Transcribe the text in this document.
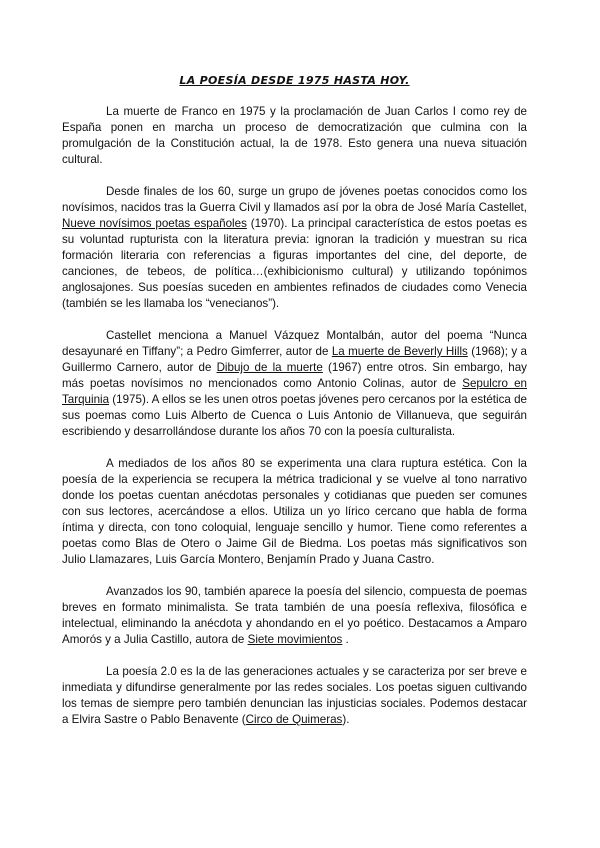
LA POESÍA DESDE 1975 HASTA HOY.

La muerte de Franco en 1975 y la proclamación de Juan Carlos I como rey de España ponen en marcha un proceso de democratización que culmina con la promulgación de la Constitución actual, la de 1978. Esto genera una nueva situación cultural.

Desde finales de los 60, surge un grupo de jóvenes poetas conocidos como los novísimos, nacidos tras la Guerra Civil y llamados así por la obra de José María Castellet, Nueve novísimos poetas españoles (1970). La principal característica de estos poetas es su voluntad rupturista con la literatura previa: ignoran la tradición y muestran su rica formación literaria con referencias a figuras importantes del cine, del deporte, de canciones, de tebeos, de política…(exhibicionismo cultural) y utilizando topónimos anglosajones. Sus poesías suceden en ambientes refinados de ciudades como Venecia (también se les llamaba los “venecianos”).

Castellet menciona a Manuel Vázquez Montalbán, autor del poema “Nunca desayunaré en Tiffany”; a Pedro Gimferrer, autor de La muerte de Beverly Hills (1968); y a Guillermo Carnero, autor de Dibujo de la muerte (1967) entre otros. Sin embargo, hay más poetas novísimos no mencionados como Antonio Colinas, autor de Sepulcro en Tarquinia (1975). A ellos se les unen otros poetas jóvenes pero cercanos por la estética de sus poemas como Luis Alberto de Cuenca o Luis Antonio de Villanueva, que seguirán escribiendo y desarrollándose durante los años 70 con la poesía culturalista.

A mediados de los años 80 se experimenta una clara ruptura estética. Con la poesía de la experiencia se recupera la métrica tradicional y se vuelve al tono narrativo donde los poetas cuentan anécdotas personales y cotidianas que pueden ser comunes con sus lectores, acercándose a ellos. Utiliza un yo lírico cercano que habla de forma íntima y directa, con tono coloquial, lenguaje sencillo y humor. Tiene como referentes a poetas como Blas de Otero o Jaime Gil de Biedma. Los poetas más significativos son Julio Llamazares, Luis García Montero, Benjamín Prado y Juana Castro.

Avanzados los 90, también aparece la poesía del silencio, compuesta de poemas breves en formato minimalista. Se trata también de una poesía reflexiva, filosófica e intelectual, eliminando la anécdota y ahondando en el yo poético. Destacamos a Amparo Amorós y a Julia Castillo, autora de Siete movimientos .

La poesía 2.0 es la de las generaciones actuales y se caracteriza por ser breve e inmediata y difundirse generalmente por las redes sociales. Los poetas siguen cultivando los temas de siempre pero también denuncian las injusticias sociales. Podemos destacar a Elvira Sastre o Pablo Benavente (Circo de Quimeras).
